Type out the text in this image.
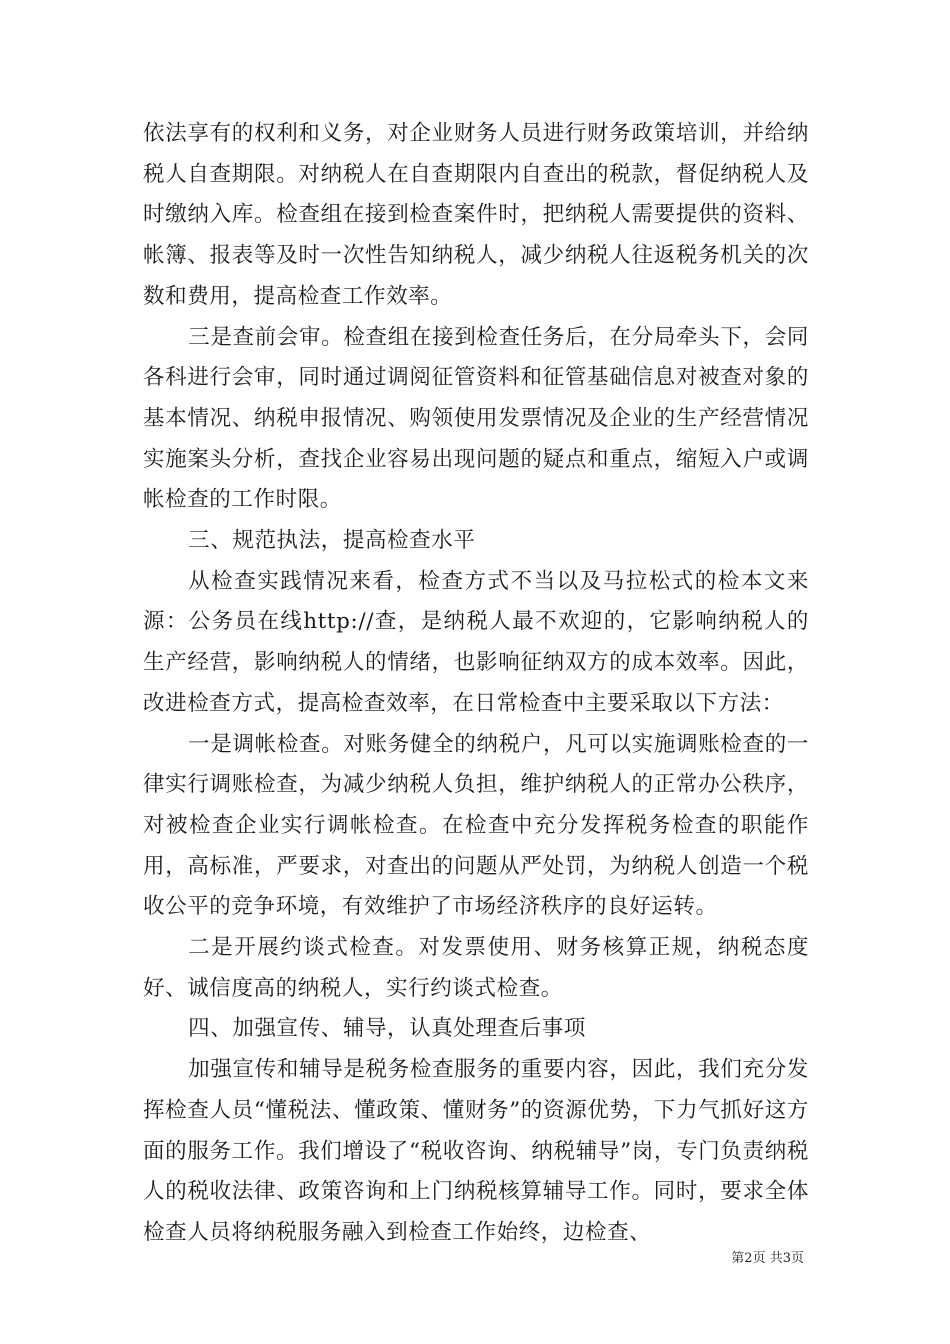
依法享有的权利和义务，对企业财务人员进行财务政策培训，并给纳税人自查期限。对纳税人在自查期限内自查出的税款，督促纳税人及时缴纳入库。检查组在接到检查案件时，把纳税人需要提供的资料、帐簿、报表等及时一次性告知纳税人，减少纳税人往返税务机关的次数和费用，提高检查工作效率。

三是查前会审。检查组在接到检查任务后，在分局牵头下，会同各科进行会审，同时通过调阅征管资料和征管基础信息对被查对象的基本情况、纳税申报情况、购领使用发票情况及企业的生产经营情况实施案头分析，查找企业容易出现问题的疑点和重点，缩短入户或调帐检查的工作时限。

三、规范执法，提高检查水平

从检查实践情况来看，检查方式不当以及马拉松式的检本文来源：公务员在线http://查，是纳税人最不欢迎的，它影响纳税人的生产经营，影响纳税人的情绪，也影响征纳双方的成本效率。因此，改进检查方式，提高检查效率，在日常检查中主要采取以下方法：

一是调帐检查。对账务健全的纳税户，凡可以实施调账检查的一律实行调账检查，为减少纳税人负担，维护纳税人的正常办公秩序，对被检查企业实行调帐检查。在检查中充分发挥税务检查的职能作用，高标准，严要求，对查出的问题从严处罚，为纳税人创造一个税收公平的竞争环境，有效维护了市场经济秩序的良好运转。

二是开展约谈式检查。对发票使用、财务核算正规，纳税态度好、诚信度高的纳税人，实行约谈式检查。

四、加强宣传、辅导，认真处理查后事项

加强宣传和辅导是税务检查服务的重要内容，因此，我们充分发挥检查人员“懂税法、懂政策、懂财务”的资源优势，下力气抓好这方面的服务工作。我们增设了“税收咨询、纳税辅导”岗，专门负责纳税人的税收法律、政策咨询和上门纳税核算辅导工作。同时，要求全体检查人员将纳税服务融入到检查工作始终，边检查、

第2页 共3页
